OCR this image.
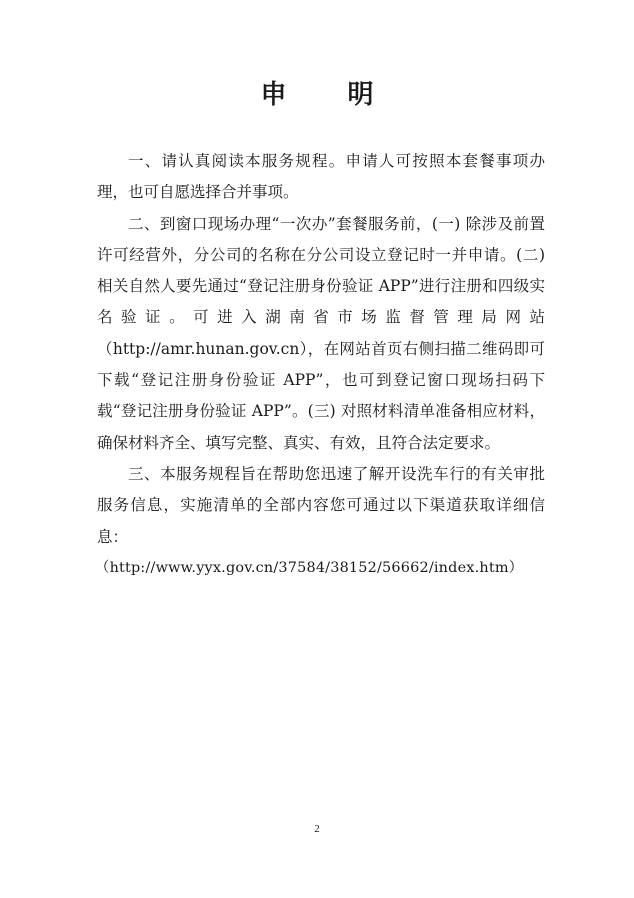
申 明

一、请认真阅读本服务规程。申请人可按照本套餐事项办理，也可自愿选择合并事项。

二、到窗口现场办理“一次办”套餐服务前，(一) 除涉及前置许可经营外，分公司的名称在分公司设立登记时一并申请。(二) 相关自然人要先通过“登记注册身份验证 APP”进行注册和四级实名验证。可进入湖南省市场监督管理局网站（http://amr.hunan.gov.cn），在网站首页右侧扫描二维码即可下载“登记注册身份验证 APP”，也可到登记窗口现场扫码下载“登记注册身份验证 APP”。(三) 对照材料清单准备相应材料，确保材料齐全、填写完整、真实、有效，且符合法定要求。

三、本服务规程旨在帮助您迅速了解开设洗车行的有关审批服务信息，实施清单的全部内容您可通过以下渠道获取详细信息：

（http://www.yyx.gov.cn/37584/38152/56662/index.htm）

2
